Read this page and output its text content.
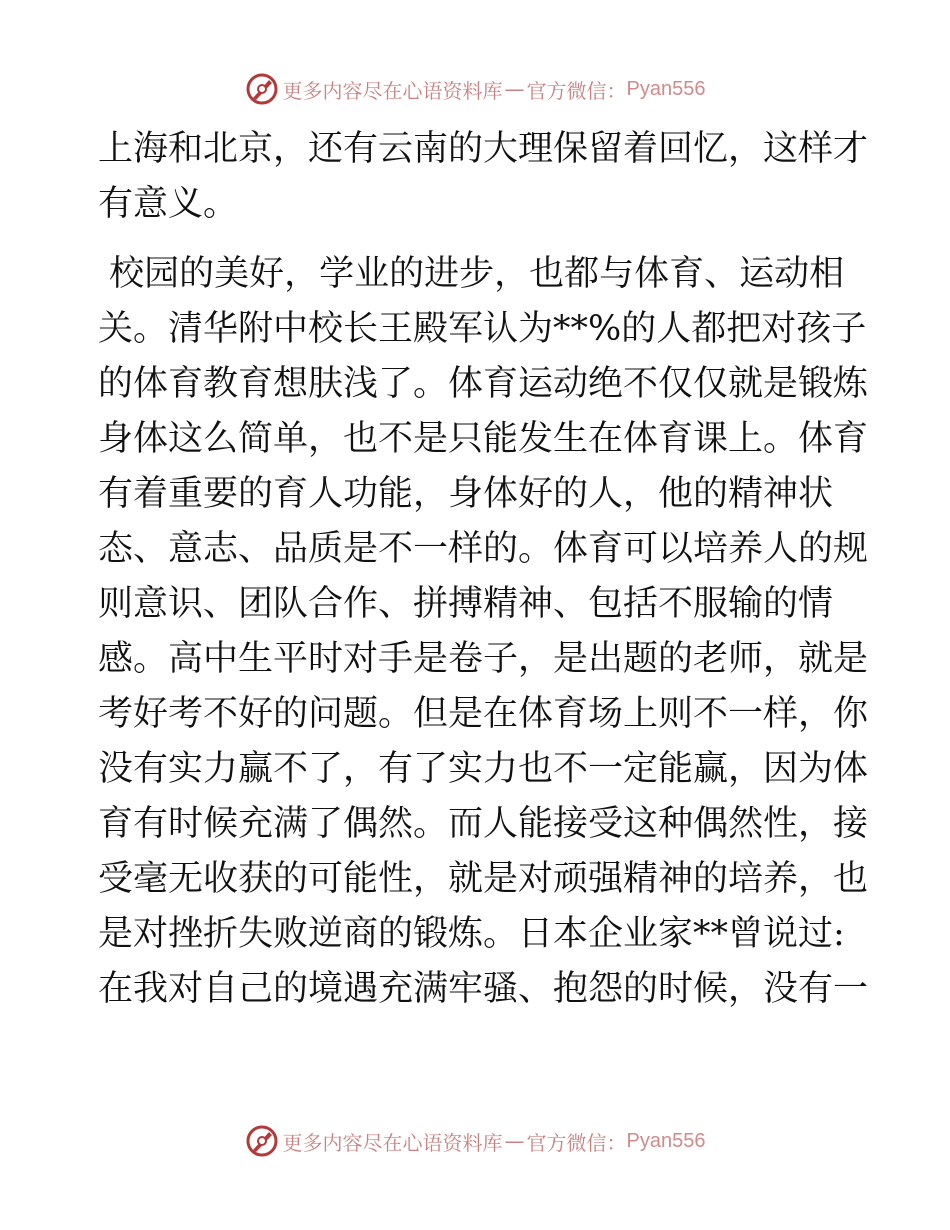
更多内容尽在心语资料库 — 官方微信： Pyan556
上海和北京，还有云南的大理保留着回忆，这样才
有意义。
校园的美好，学业的进步，也都与体育、运动相
关。清华附中校长王殿军认为**%的人都把对孩子
的体育教育想肤浅了。体育运动绝不仅仅就是锻炼
身体这么简单，也不是只能发生在体育课上。体育
有着重要的育人功能，身体好的人，他的精神状
态、意志、品质是不一样的。体育可以培养人的规
则意识、团队合作、拼搏精神、包括不服输的情
感。高中生平时对手是卷子，是出题的老师，就是
考好考不好的问题。但是在体育场上则不一样，你
没有实力赢不了，有了实力也不一定能赢，因为体
育有时候充满了偶然。而人能接受这种偶然性，接
受毫无收获的可能性，就是对顽强精神的培养，也
是对挫折失败逆商的锻炼。日本企业家**曾说过:
在我对自己的境遇充满牢骚、抱怨的时候，没有一
更多内容尽在心语资料库 — 官方微信： Pyan556
